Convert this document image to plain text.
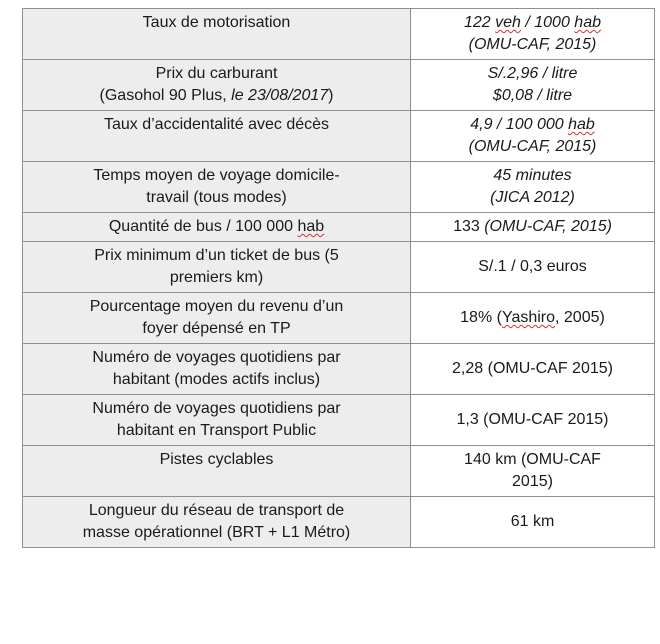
Taux de motorisation	122 veh / 1000 hab
(OMU-CAF, 2015)

Prix du carburant
(Gasohol 90 Plus, le 23/08/2017)	S/.2,96 / litre
$0,08 / litre

Taux d’accidentalité avec décès	4,9 / 100 000 hab
(OMU-CAF, 2015)

Temps moyen de voyage domicile-
travail (tous modes)	45 minutes
(JICA 2012)

Quantité de bus / 100 000 hab	133 (OMU-CAF, 2015)

Prix minimum d’un ticket de bus (5
premiers km)	S/.1 / 0,3 euros

Pourcentage moyen du revenu d’un
foyer dépensé en TP	18% (Yashiro, 2005)

Numéro de voyages quotidiens par
habitant (modes actifs inclus)	2,28 (OMU-CAF 2015)

Numéro de voyages quotidiens par
habitant en Transport Public	1,3 (OMU-CAF 2015)

Pistes cyclables	140 km (OMU-CAF
2015)

Longueur du réseau de transport de
masse opérationnel (BRT + L1 Métro)	61 km
